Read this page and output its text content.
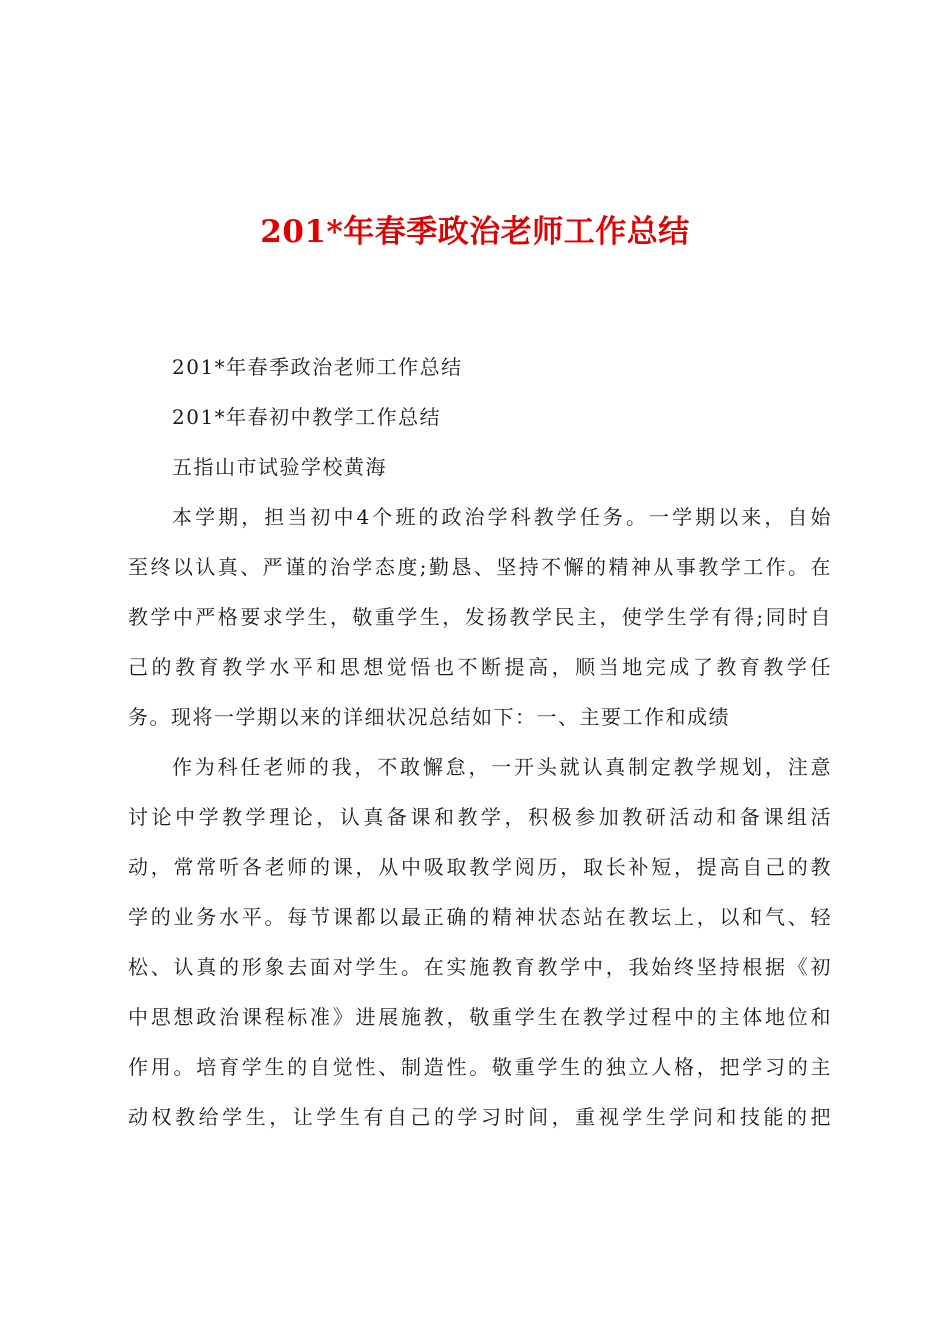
201*年春季政治老师工作总结
201*年春季政治老师工作总结
201*年春初中教学工作总结
五指山市试验学校黄海
本学期，担当初中4个班的政治学科教学任务。一学期以来，自始
至终以认真、严谨的治学态度;勤恳、坚持不懈的精神从事教学工作。在
教学中严格要求学生，敬重学生，发扬教学民主，使学生学有得;同时自
己的教育教学水平和思想觉悟也不断提高，顺当地完成了教育教学任
务。现将一学期以来的详细状况总结如下：一、主要工作和成绩
作为科任老师的我，不敢懈怠，一开头就认真制定教学规划，注意
讨论中学教学理论，认真备课和教学，积极参加教研活动和备课组活
动，常常听各老师的课，从中吸取教学阅历，取长补短，提高自己的教
学的业务水平。每节课都以最正确的精神状态站在教坛上，以和气、轻
松、认真的形象去面对学生。在实施教育教学中，我始终坚持根据《初
中思想政治课程标准》进展施教，敬重学生在教学过程中的主体地位和
作用。培育学生的自觉性、制造性。敬重学生的独立人格，把学习的主
动权教给学生，让学生有自己的学习时间，重视学生学问和技能的把
